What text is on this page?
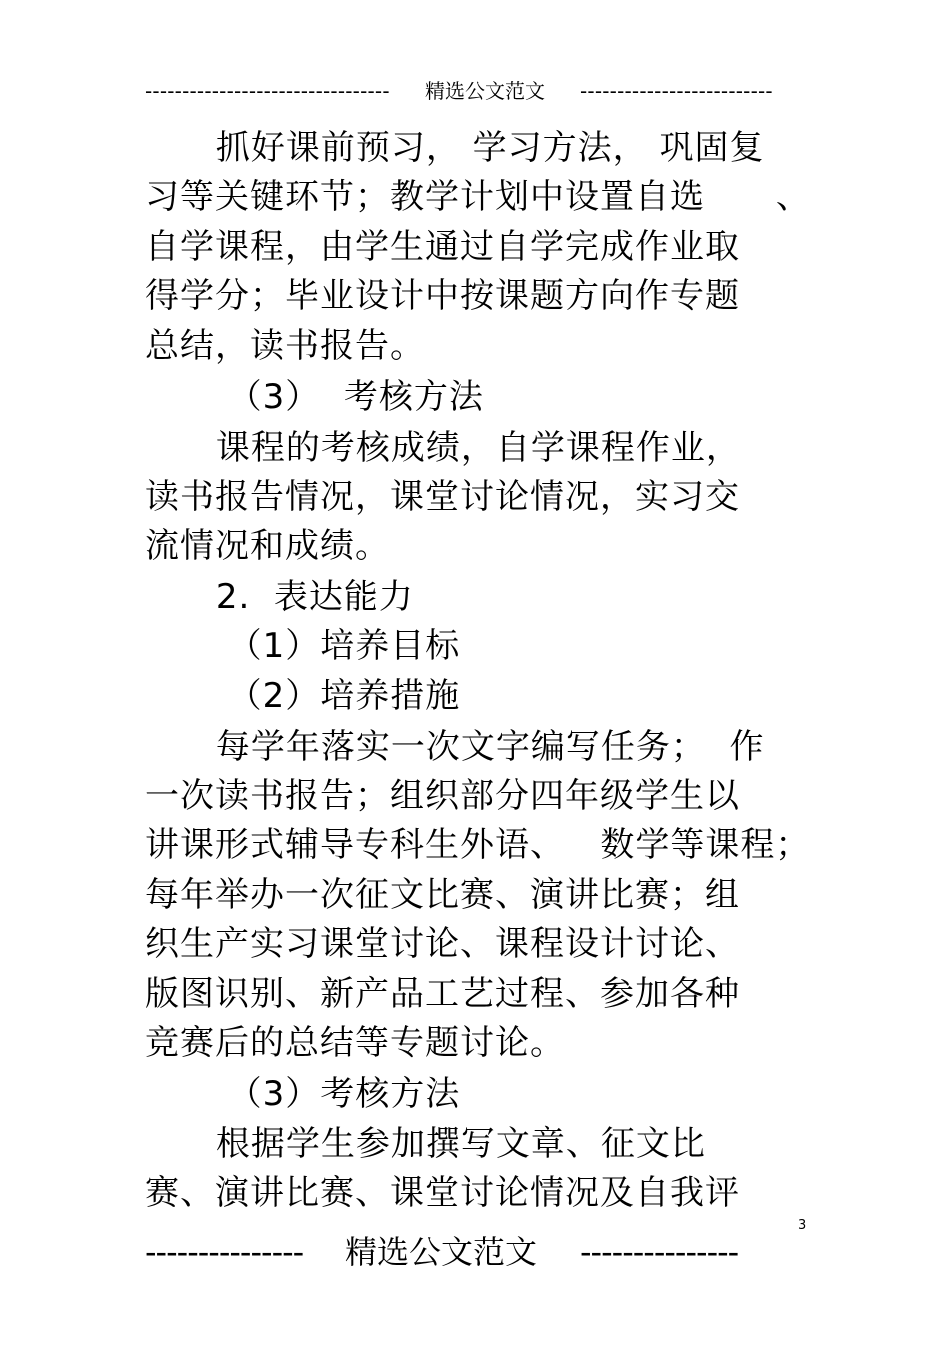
--------------------------------- 精选公文范文 --------------------------
抓好课前预习， 学习方法， 巩固复
习等关键环节；教学计划中设置自选      、
自学课程，由学生通过自学完成作业取
得学分；毕业设计中按课题方向作专题
总结，读书报告。
（3）  考核方法
课程的考核成绩，自学课程作业，
读书报告情况，课堂讨论情况，实习交
流情况和成绩。
2.  表达能力
（1）培养目标
（2）培养措施
每学年落实一次文字编写任务；  作
一次读书报告；组织部分四年级学生以
讲课形式辅导专科生外语、   数学等课程；
每年举办一次征文比赛、演讲比赛；组
织生产实习课堂讨论、课程设计讨论、
版图识别、新产品工艺过程、参加各种
竞赛后的总结等专题讨论。
（3）考核方法
根据学生参加撰写文章、征文比
赛、演讲比赛、课堂讨论情况及自我评
3
--------------- 精选公文范文 ---------------
